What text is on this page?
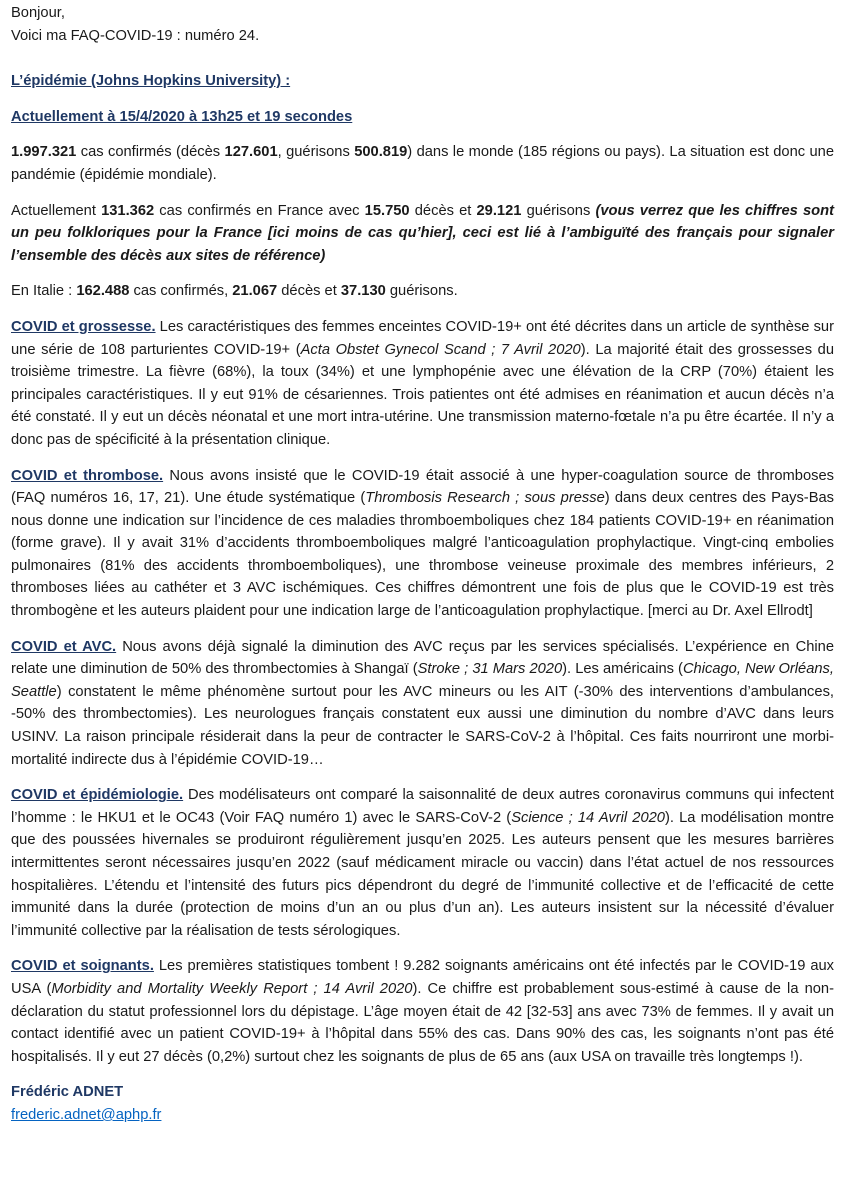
Bonjour,
Voici ma FAQ-COVID-19 : numéro 24.

L’épidémie (Johns Hopkins University) :

Actuellement à 15/4/2020 à 13h25 et 19 secondes

1.997.321 cas confirmés (décès 127.601, guérisons 500.819) dans le monde (185 régions ou pays). La situation est donc une pandémie (épidémie mondiale).

Actuellement 131.362 cas confirmés en France avec 15.750 décès et 29.121 guérisons (vous verrez que les chiffres sont un peu folkloriques pour la France [ici moins de cas qu’hier], ceci est lié à l’ambiguïté des français pour signaler l’ensemble des décès aux sites de référence)

En Italie : 162.488 cas confirmés, 21.067 décès et 37.130 guérisons.

COVID et grossesse. Les caractéristiques des femmes enceintes COVID-19+ ont été décrites dans un article de synthèse sur une série de 108 parturientes COVID-19+ (Acta Obstet Gynecol Scand ; 7 Avril 2020). La majorité était des grossesses du troisième trimestre. La fièvre (68%), la toux (34%) et une lymphopénie avec une élévation de la CRP (70%) étaient les principales caractéristiques. Il y eut 91% de césariennes. Trois patientes ont été admises en réanimation et aucun décès n’a été constaté. Il y eut un décès néonatal et une mort intra-utérine. Une transmission materno-fœtale n’a pu être écartée. Il n’y a donc pas de spécificité à la présentation clinique.

COVID et thrombose. Nous avons insisté que le COVID-19 était associé à une hyper-coagulation source de thromboses (FAQ numéros 16, 17, 21). Une étude systématique (Thrombosis Research ; sous presse) dans deux centres des Pays-Bas nous donne une indication sur l’incidence de ces maladies thromboemboliques chez 184 patients COVID-19+ en réanimation (forme grave). Il y avait 31% d’accidents thromboemboliques malgré l’anticoagulation prophylactique. Vingt-cinq embolies pulmonaires (81% des accidents thromboemboliques), une thrombose veineuse proximale des membres inférieurs, 2 thromboses liées au cathéter et 3 AVC ischémiques. Ces chiffres démontrent une fois de plus que le COVID-19 est très thrombogène et les auteurs plaident pour une indication large de l’anticoagulation prophylactique. [merci au Dr. Axel Ellrodt]

COVID et AVC. Nous avons déjà signalé la diminution des AVC reçus par les services spécialisés. L’expérience en Chine relate une diminution de 50% des thrombectomies à Shangaï (Stroke ; 31 Mars 2020). Les américains (Chicago, New Orléans, Seattle) constatent le même phénomène surtout pour les AVC mineurs ou les AIT (-30% des interventions d’ambulances, -50% des thrombectomies). Les neurologues français constatent eux aussi une diminution du nombre d’AVC dans leurs USINV. La raison principale résiderait dans la peur de contracter le SARS-CoV-2 à l’hôpital. Ces faits nourriront une morbi-mortalité indirecte dus à l’épidémie COVID-19…

COVID et épidémiologie. Des modélisateurs ont comparé la saisonnalité de deux autres coronavirus communs qui infectent l’homme : le HKU1 et le OC43 (Voir FAQ numéro 1) avec le SARS-CoV-2 (Science ; 14 Avril 2020). La modélisation montre que des poussées hivernales se produiront régulièrement jusqu’en 2025. Les auteurs pensent que les mesures barrières intermittentes seront nécessaires jusqu’en 2022 (sauf médicament miracle ou vaccin) dans l’état actuel de nos ressources hospitalières. L’étendu et l’intensité des futurs pics dépendront du degré de l’immunité collective et de l’efficacité de cette immunité dans la durée (protection de moins d’un an ou plus d’un an). Les auteurs insistent sur la nécessité d’évaluer l’immunité collective par la réalisation de tests sérologiques.

COVID et soignants. Les premières statistiques tombent ! 9.282 soignants américains ont été infectés par le COVID-19 aux USA (Morbidity and Mortality Weekly Report ; 14 Avril 2020). Ce chiffre est probablement sous-estimé à cause de la non-déclaration du statut professionnel lors du dépistage. L’âge moyen était de 42 [32-53] ans avec 73% de femmes. Il y avait un contact identifié avec un patient COVID-19+ à l’hôpital dans 55% des cas. Dans 90% des cas, les soignants n’ont pas été hospitalisés. Il y eut 27 décès (0,2%) surtout chez les soignants de plus de 65 ans (aux USA on travaille très longtemps !).

Frédéric ADNET
frederic.adnet@aphp.fr
